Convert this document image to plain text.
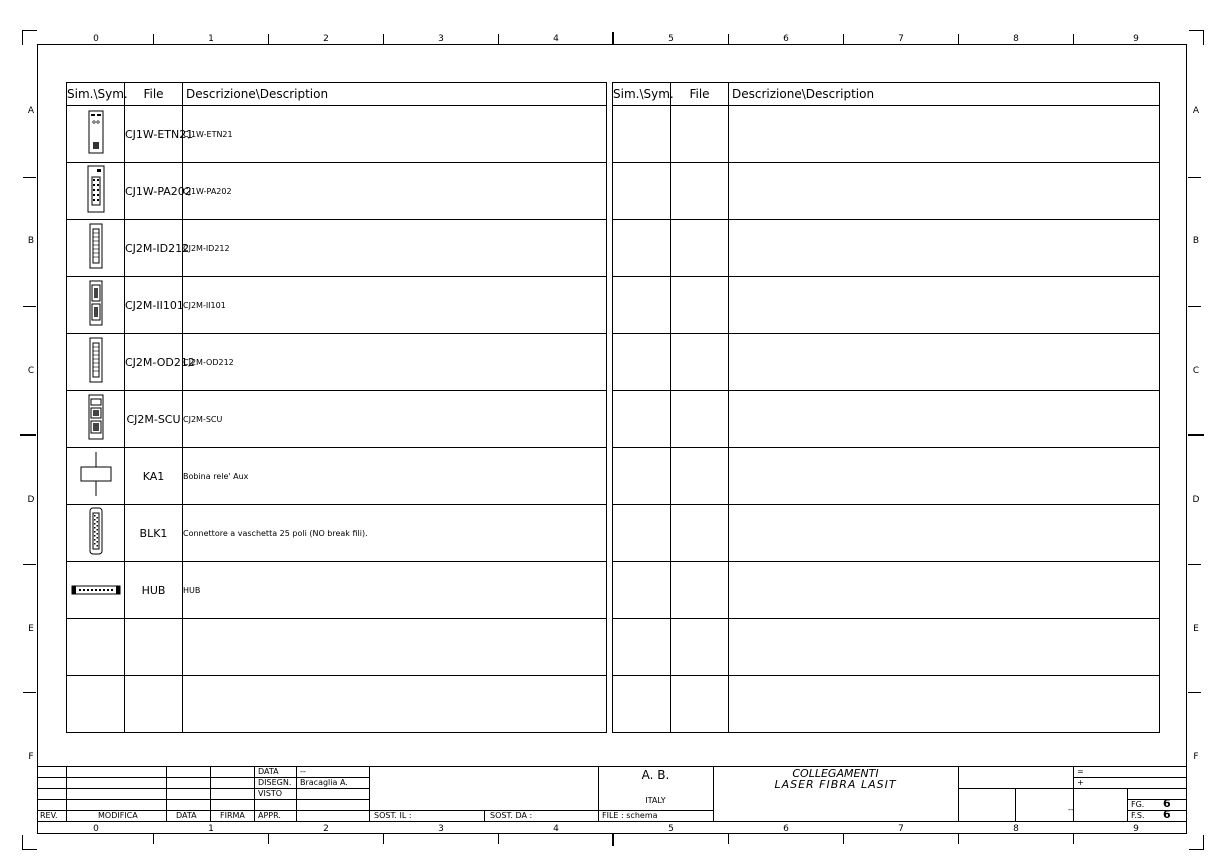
0	1	2	3	4	5	6	7	8	9
0	1	2	3	4	5	6	7	8	9
A
B
C
D
E
F
A
B
C
D
E
F
Sim.\Sym.	File	Descrizione\Description
	CJ1W-ETN21	CJ1W-ETN21
	CJ1W-PA202	CJ1W-PA202
	CJ2M-ID212	CJ2M-ID212
	CJ2M-II101	CJ2M-II101
	CJ2M-OD212	CJ2M-OD212
	CJ2M-SCU	CJ2M-SCU
	KA1	Bobina rele' Aux
	BLK1	Connettore a vaschetta 25 poli (NO break fili).
	HUB	HUB

Sim.\Sym.	File	Descrizione\Description

REV.	MODIFICA	DATA	FIRMA
DATA	--
DISEGN. Bracaglia A.
VISTO
APPR.	SOST. IL :	SOST. DA :
A. B.
ITALY
FILE : schema
COLLEGAMENTI
LASER FIBRA LASIT
=
+
--
FG. 6
F.S. 6
